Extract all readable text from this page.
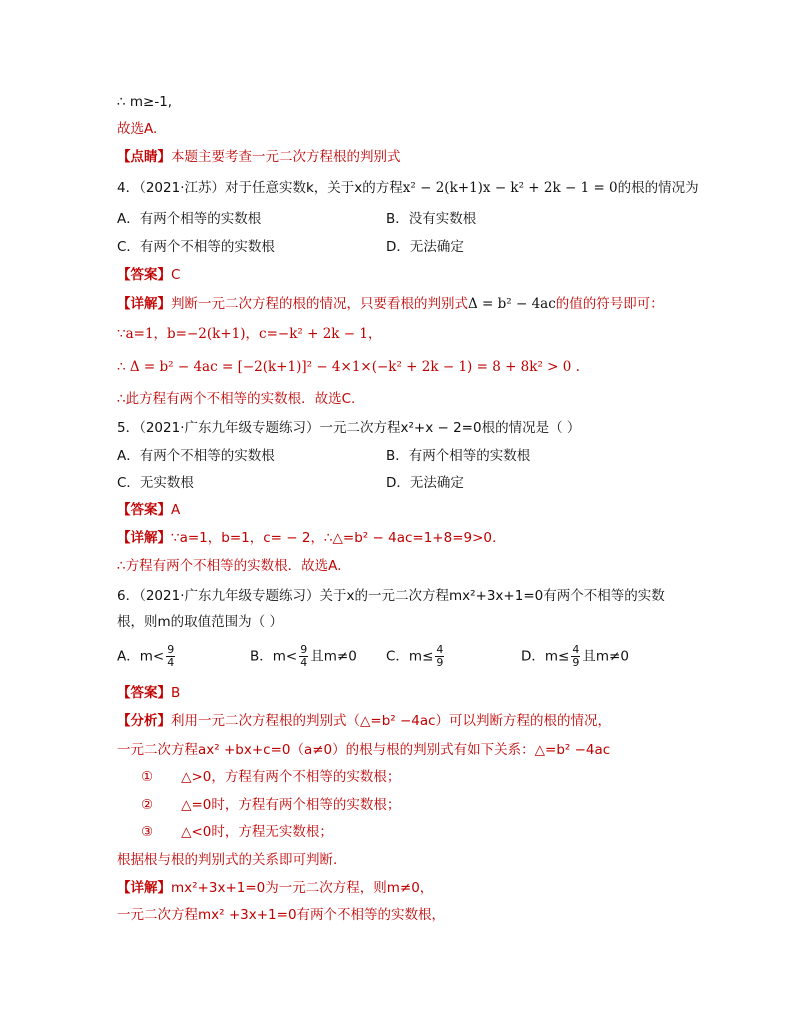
∴ m≥-1,
故选A.
【点睛】本题主要考查一元二次方程根的判别式
4．（2021·江苏）对于任意实数k，关于x的方程x² − 2(k+1)x − k² + 2k − 1 = 0的根的情况为
A．有两个相等的实数根	B．没有实数根
C．有两个不相等的实数根	D．无法确定
【答案】C
【详解】判断一元二次方程的根的情况，只要看根的判别式Δ = b² − 4ac的值的符号即可：
∵a=1，b=−2(k+1)，c=−k² + 2k − 1，
∴ Δ = b² − 4ac = [−2(k+1)]² − 4×1×(−k² + 2k − 1) = 8 + 8k² > 0 .
∴此方程有两个不相等的实数根．故选C.
5．（2021·广东九年级专题练习）一元二次方程x²+x − 2=0根的情况是（ ）
A．有两个不相等的实数根	B．有两个相等的实数根
C．无实数根	D．无法确定
【答案】A
【详解】∵a=1，b=1，c= − 2，∴△=b² − 4ac=1+8=9>0.
∴方程有两个不相等的实数根．故选A.
6．（2021·广东九年级专题练习）关于x的一元二次方程mx²+3x+1=0有两个不相等的实数
根，则m的取值范围为（ ）
A．$m< \frac{9}{4}$	B．$m< \frac{9}{4}$ 且m≠0 C．$m\le \frac{4}{9}$	D．$m\le \frac{4}{9}$ 且m≠0
【答案】B
【分析】利用一元二次方程根的判别式（△=b² −4ac）可以判断方程的根的情况，
一元二次方程ax² +bx+c=0（a≠0）的根与根的判别式有如下关系：△=b² −4ac
① △>0，方程有两个不相等的实数根；
② △=0时，方程有两个相等的实数根；
③ △<0时，方程无实数根；
根据根与根的判别式的关系即可判断.
【详解】mx²+3x+1=0为一元二次方程，则m≠0，
一元二次方程mx² +3x+1=0有两个不相等的实数根，
